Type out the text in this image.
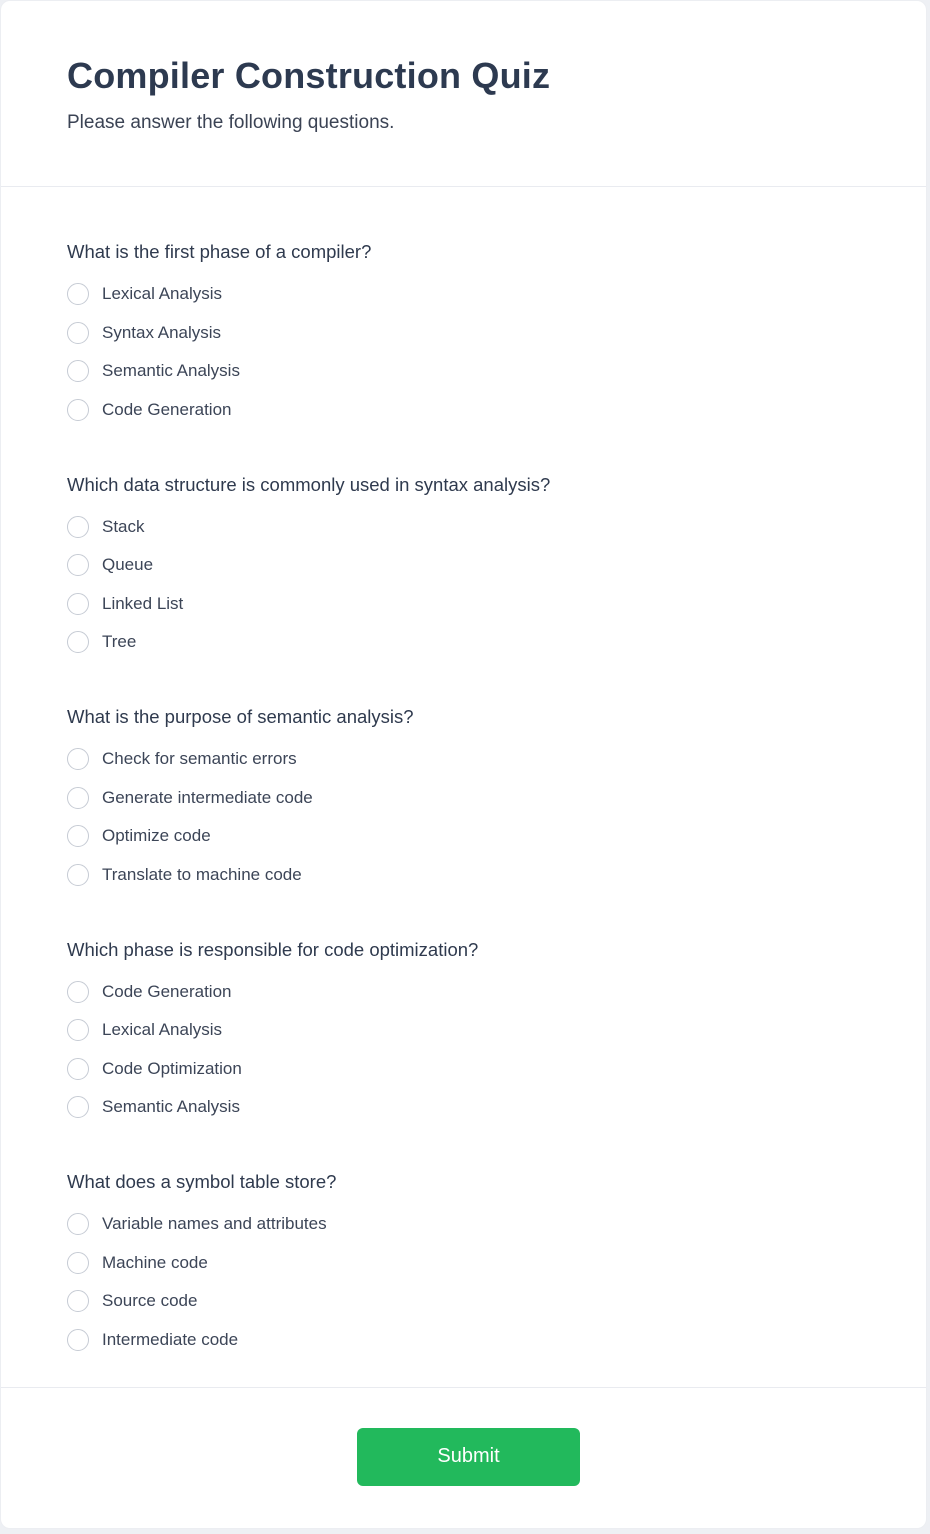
Compiler Construction Quiz
Please answer the following questions.
What is the first phase of a compiler?
Lexical Analysis
Syntax Analysis
Semantic Analysis
Code Generation
Which data structure is commonly used in syntax analysis?
Stack
Queue
Linked List
Tree
What is the purpose of semantic analysis?
Check for semantic errors
Generate intermediate code
Optimize code
Translate to machine code
Which phase is responsible for code optimization?
Code Generation
Lexical Analysis
Code Optimization
Semantic Analysis
What does a symbol table store?
Variable names and attributes
Machine code
Source code
Intermediate code
Submit
